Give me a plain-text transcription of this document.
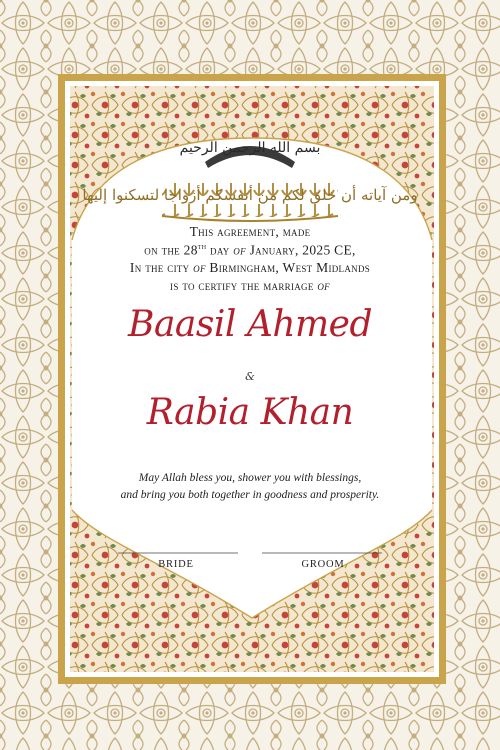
بسم الله الرحمن الرحيم
ومن آياته أن خلق لكم من أنفسكم أزواجا لتسكنوا إليها
This agreement, made
on the 28th day of January, 2025 CE,
In the city of Birmingham, West Midlands
is to certify the marriage of
Baasil Ahmed
&
Rabia Khan
May Allah bless you, shower you with blessings,
and bring you both together in goodness and prosperity.
BRIDE	GROOM
